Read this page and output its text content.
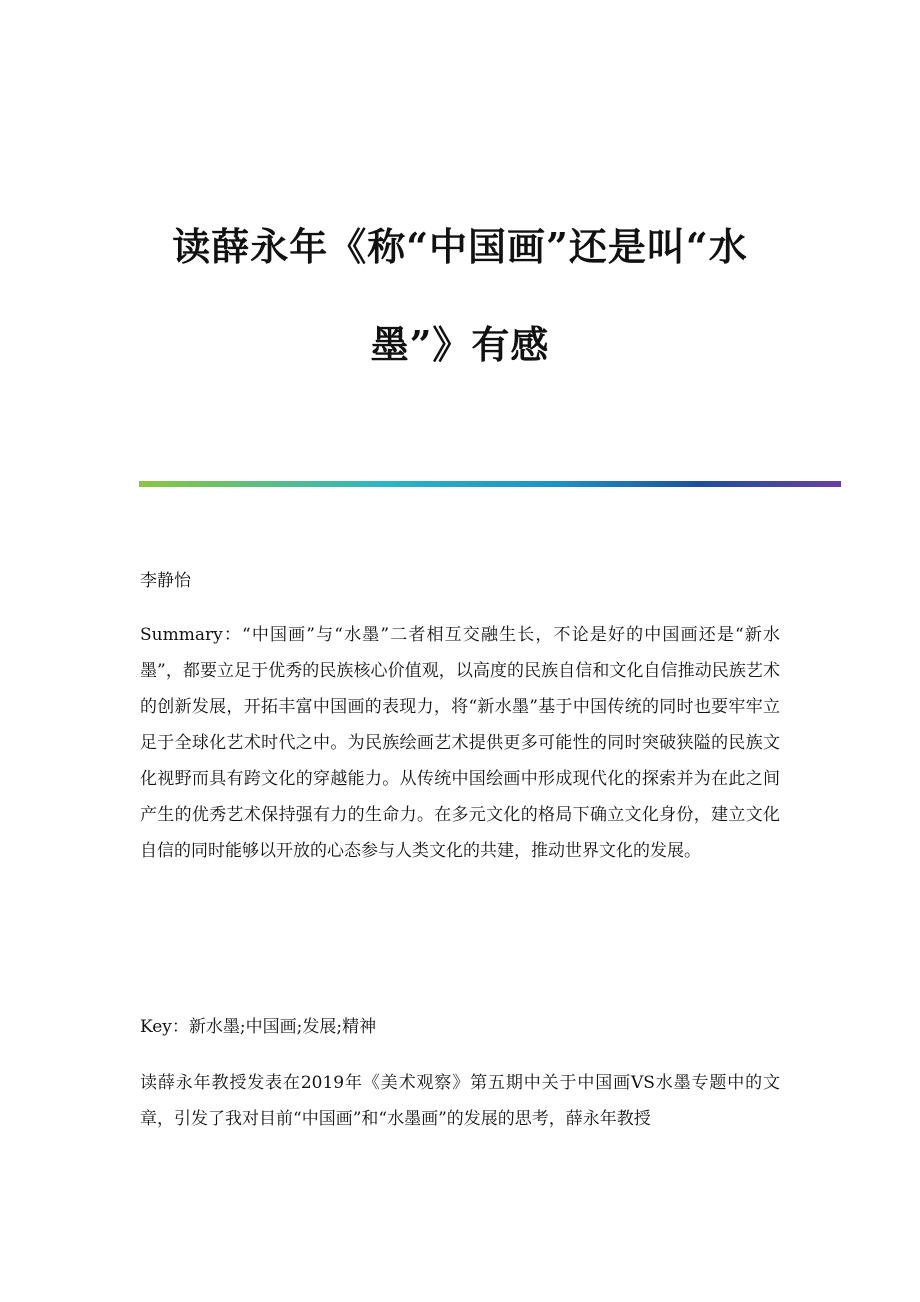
读薛永年《称“中国画”还是叫“水
墨”》有感

李静怡

Summary：“中国画”与“水墨”二者相互交融生长，不论是好的中国画还是“新水墨”，都要立足于优秀的民族核心价值观，以高度的民族自信和文化自信推动民族艺术的创新发展，开拓丰富中国画的表现力，将“新水墨”基于中国传统的同时也要牢牢立足于全球化艺术时代之中。为民族绘画艺术提供更多可能性的同时突破狭隘的民族文化视野而具有跨文化的穿越能力。从传统中国绘画中形成现代化的探索并为在此之间产生的优秀艺术保持强有力的生命力。在多元文化的格局下确立文化身份，建立文化自信的同时能够以开放的心态参与人类文化的共建，推动世界文化的发展。

Key：新水墨;中国画;发展;精神

读薛永年教授发表在2019年《美术观察》第五期中关于中国画VS水墨专题中的文章，引发了我对目前“中国画”和“水墨画”的发展的思考，薛永年教授
